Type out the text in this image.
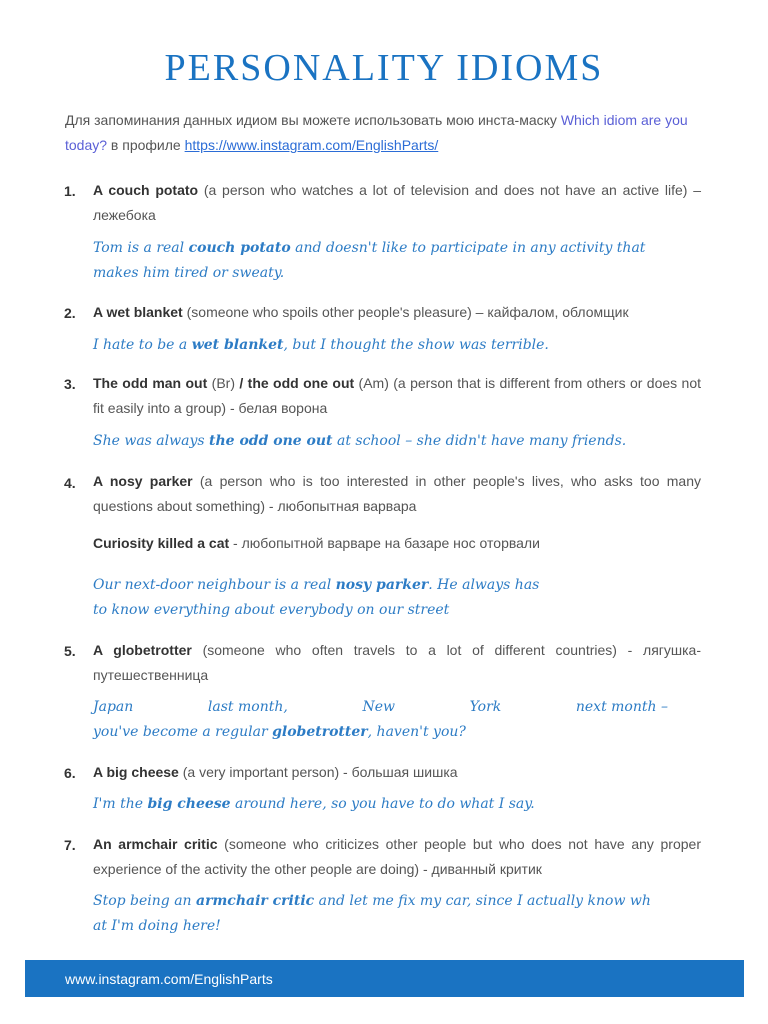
PERSONALITY IDIOMS
Для запоминания данных идиом вы можете использовать мою инста-маску Which idiom are you today? в профиле https://www.instagram.com/EnglishParts/
1. A couch potato (a person who watches a lot of television and does not have an active life) – лежебока
Tom is a real couch potato and doesn't like to participate in any activity that makes him tired or sweaty.
2. A wet blanket (someone who spoils other people's pleasure) – кайфалом, обломщик
I hate to be a wet blanket, but I thought the show was terrible.
3. The odd man out (Br) / the odd one out (Am) (a person that is different from others or does not fit easily into a group) - белая ворона
She was always the odd one out at school – she didn't have many friends.
4. A nosy parker (a person who is too interested in other people's lives, who asks too many questions about something) - любопытная варвара
Curiosity killed a cat - любопытной варваре на базаре нос оторвали
Our next-door neighbour is a real nosy parker. He always has
to know everything about everybody on our street
5. A globetrotter (someone who often travels to a lot of different countries) - лягушка-путешественница
Japan	last month,	New	York	next month –
you've become a regular globetrotter, haven't you?
6. A big cheese (a very important person) - большая шишка
I'm the big cheese around here, so you have to do what I say.
7. An armchair critic (someone who criticizes other people but who does not have any proper experience of the activity the other people are doing) - диванный критик
Stop being an armchair critic and let me fix my car, since I actually know wh
at I'm doing here!
www.instagram.com/EnglishParts
